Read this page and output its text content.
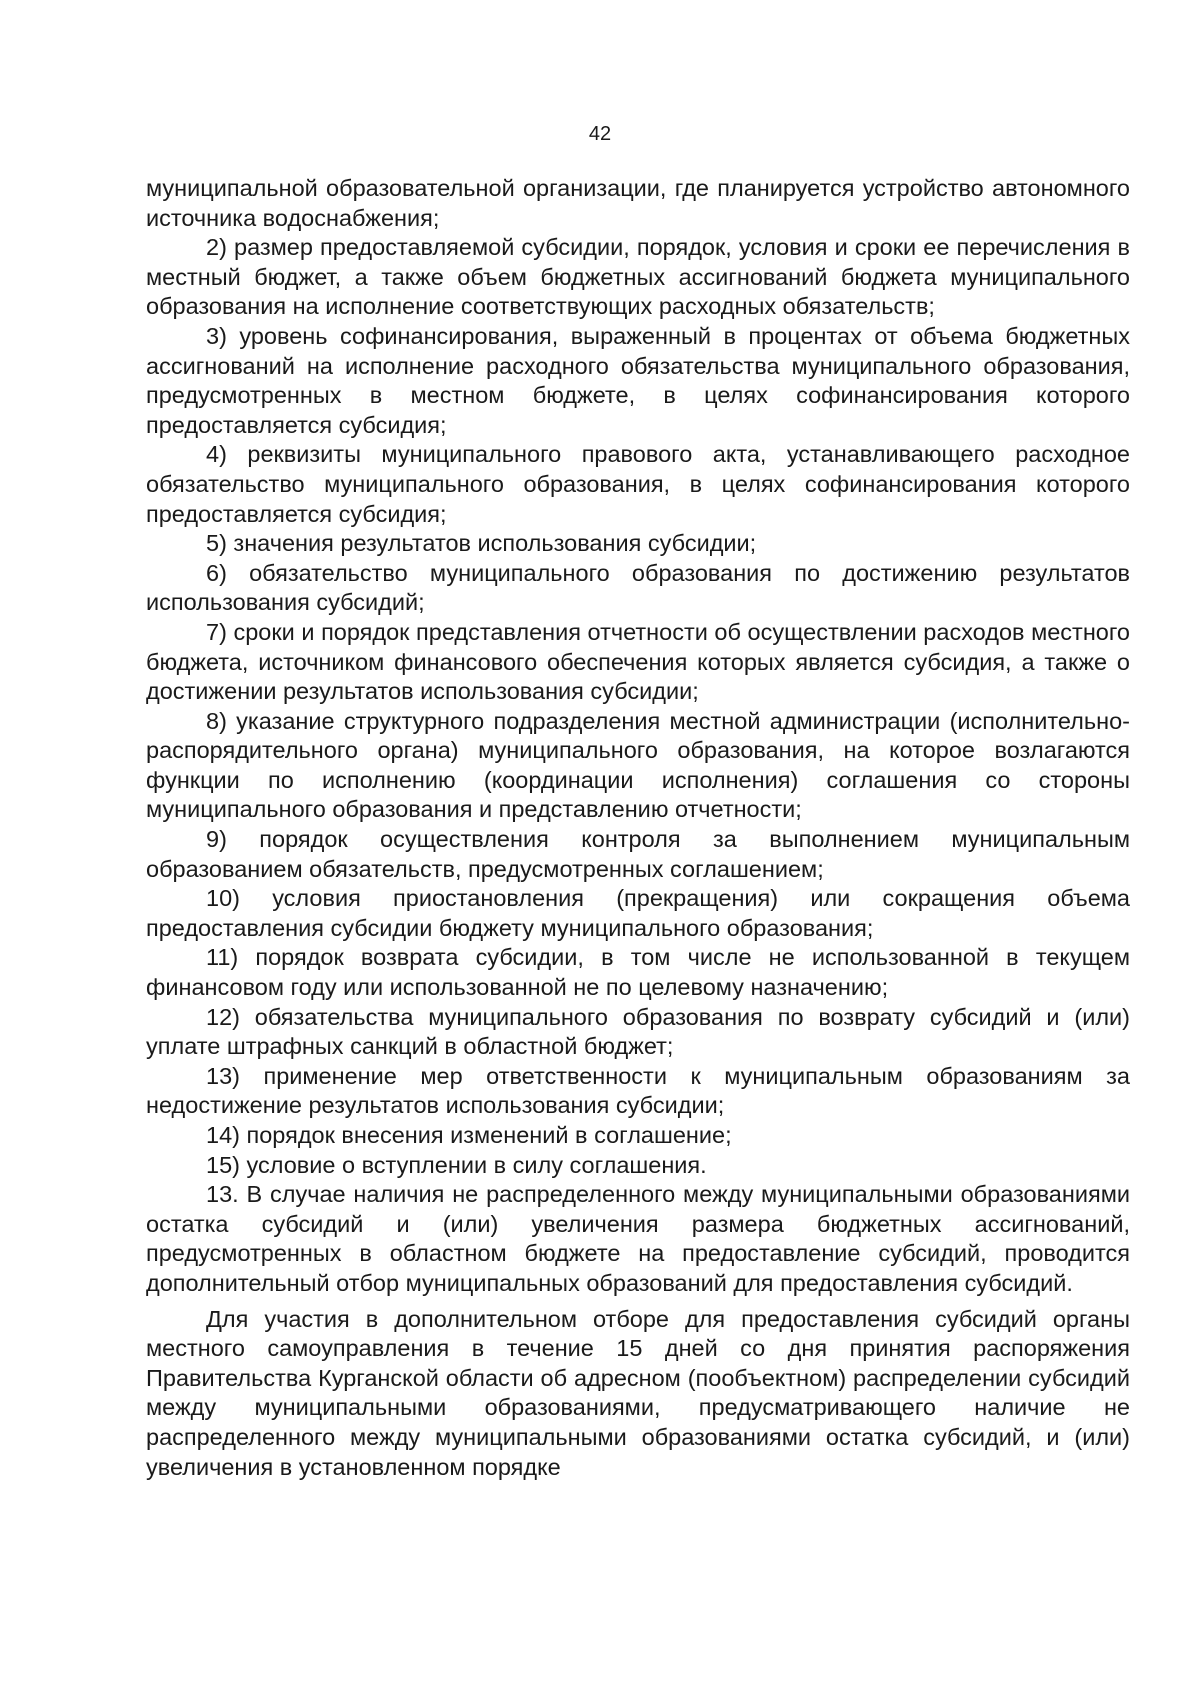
42

муниципальной образовательной организации, где планируется устройство автономного источника водоснабжения;

2) размер предоставляемой субсидии, порядок, условия и сроки ее перечисления в местный бюджет, а также объем бюджетных ассигнований бюджета муниципального образования на исполнение соответствующих расходных обязательств;

3) уровень софинансирования, выраженный в процентах от объема бюджетных ассигнований на исполнение расходного обязательства муниципального образования, предусмотренных в местном бюджете, в целях софинансирования которого предоставляется субсидия;

4) реквизиты муниципального правового акта, устанавливающего расходное обязательство муниципального образования, в целях софинансирования которого предоставляется субсидия;

5) значения результатов использования субсидии;

6) обязательство муниципального образования по достижению результатов использования субсидий;

7) сроки и порядок представления отчетности об осуществлении расходов местного бюджета, источником финансового обеспечения которых является субсидия, а также о достижении результатов использования субсидии;

8) указание структурного подразделения местной администрации (исполнительно-распорядительного органа) муниципального образования, на которое возлагаются функции по исполнению (координации исполнения) соглашения со стороны муниципального образования и представлению отчетности;

9) порядок осуществления контроля за выполнением муниципальным образованием обязательств, предусмотренных соглашением;

10) условия приостановления (прекращения) или сокращения объема предоставления субсидии бюджету муниципального образования;

11) порядок возврата субсидии, в том числе не использованной в текущем финансовом году или использованной не по целевому назначению;

12) обязательства муниципального образования по возврату субсидий и (или) уплате штрафных санкций в областной бюджет;

13) применение мер ответственности к муниципальным образованиям за недостижение результатов использования субсидии;

14) порядок внесения изменений в соглашение;

15) условие о вступлении в силу соглашения.

13. В случае наличия не распределенного между муниципальными образованиями остатка субсидий и (или) увеличения размера бюджетных ассигнований, предусмотренных в областном бюджете на предоставление субсидий, проводится дополнительный отбор муниципальных образований для предоставления субсидий.

Для участия в дополнительном отборе для предоставления субсидий органы местного самоуправления в течение 15 дней со дня принятия распоряжения Правительства Курганской области об адресном (пообъектном) распределении субсидий между муниципальными образованиями, предусматривающего наличие не распределенного между муниципальными образованиями остатка субсидий, и (или) увеличения в установленном порядке
